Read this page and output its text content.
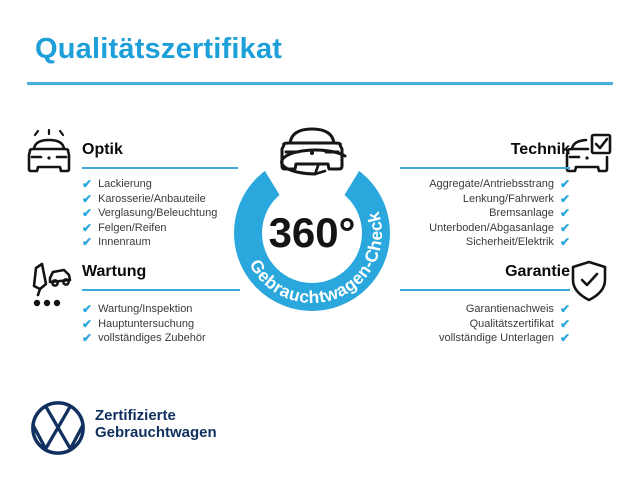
Qualitätszertifikat
Optik
✔ Lackierung
✔ Karosserie/Anbauteile
✔ Verglasung/Beleuchtung
✔ Felgen/Reifen
✔ Innenraum
Wartung
✔ Wartung/Inspektion
✔ Hauptuntersuchung
✔ vollständiges Zubehör
Technik
Aggregate/Antriebsstrang ✔
Lenkung/Fahrwerk ✔
Bremsanlage ✔
Unterboden/Abgasanlage ✔
Sicherheit/Elektrik ✔
Garantie
Garantienachweis ✔
Qualitätszertifikat ✔
vollständige Unterlagen ✔
360°
Gebrauchtwagen-Check
Zertifizierte
Gebrauchtwagen
